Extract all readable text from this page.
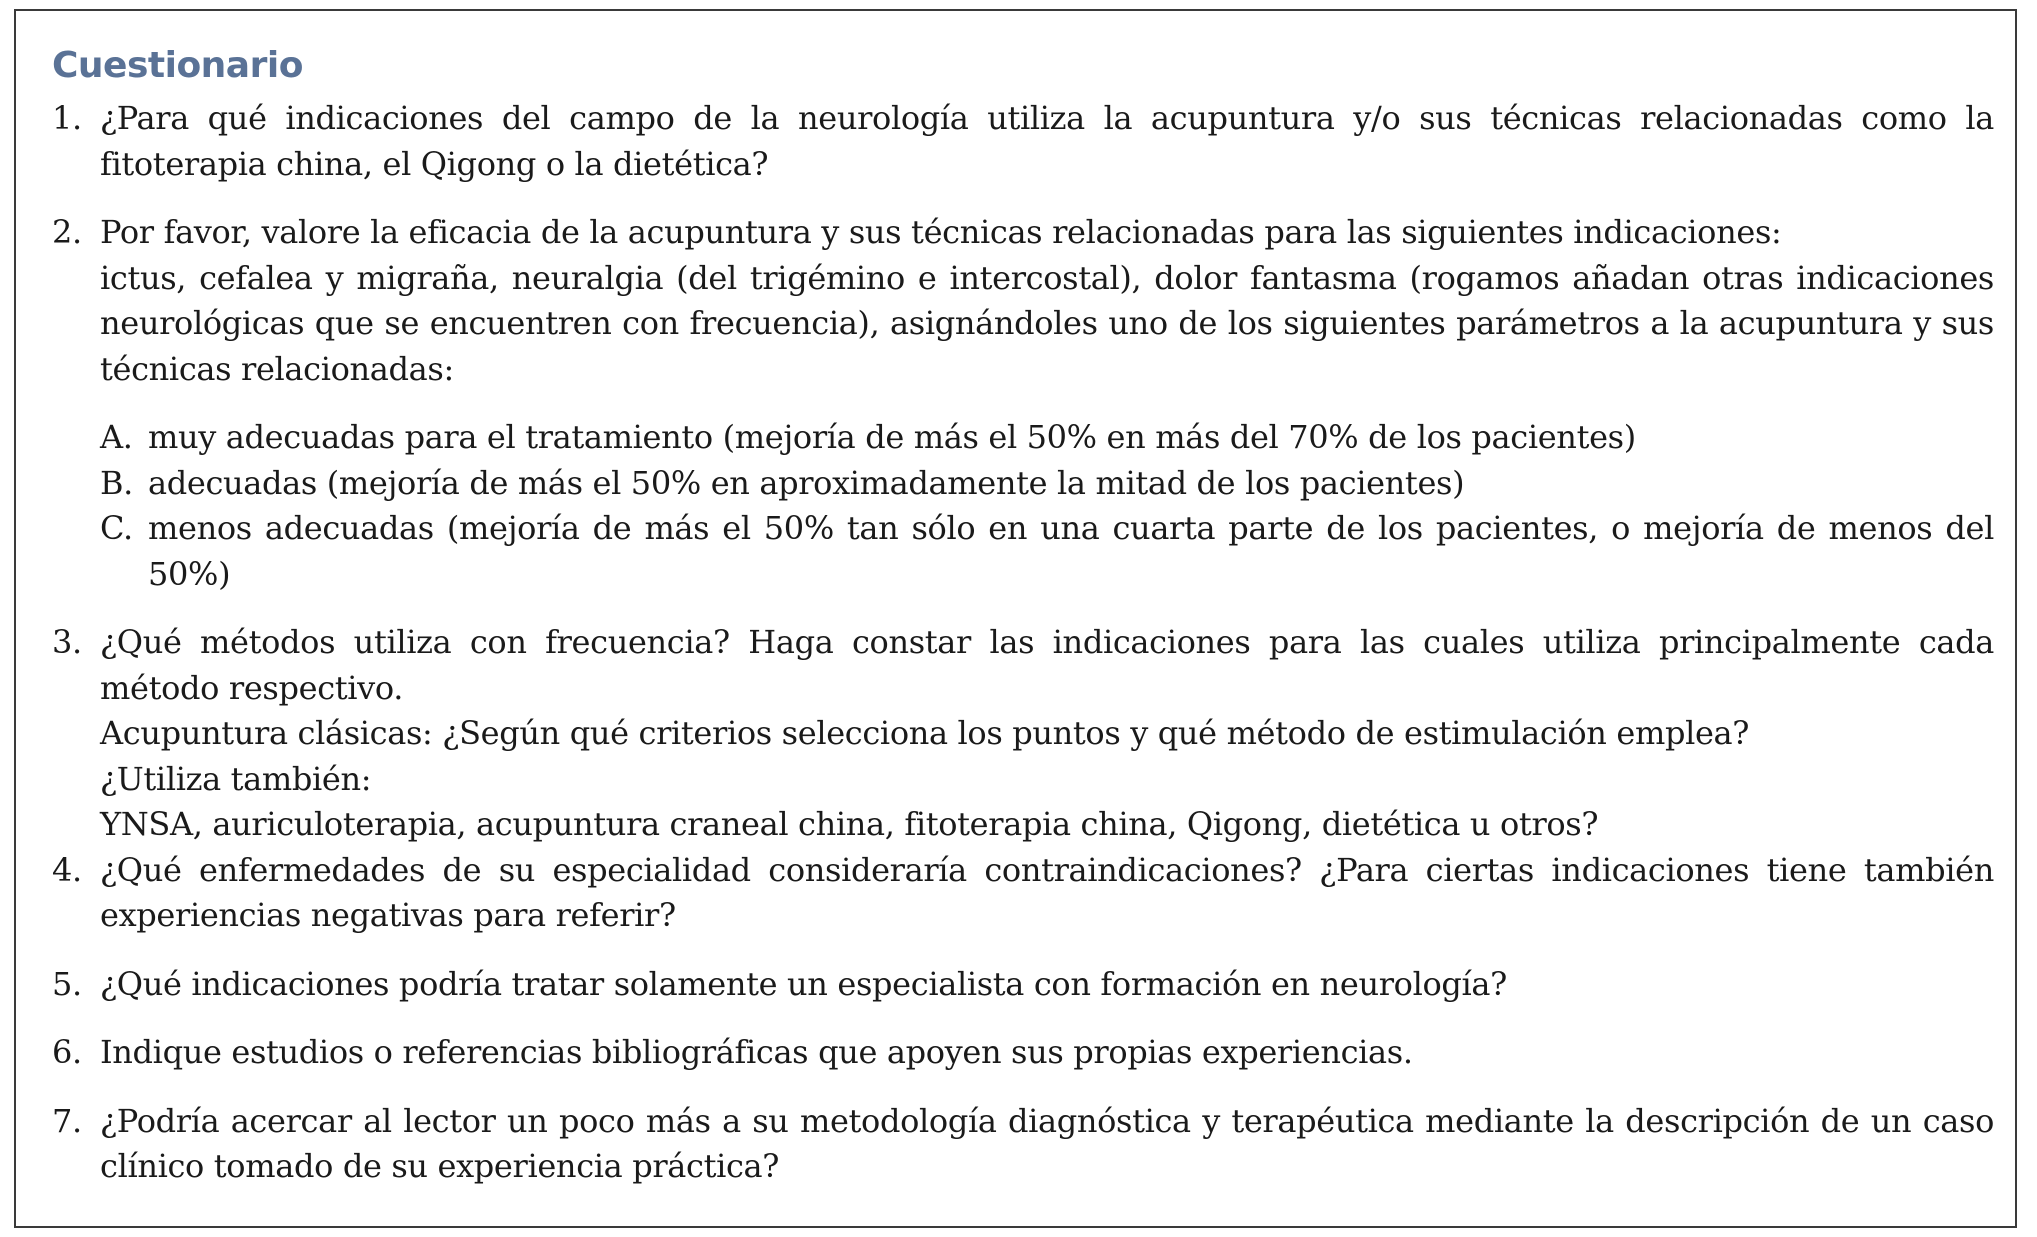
Cuestionario
1. ¿Para qué indicaciones del campo de la neurología utiliza la acupuntura y/o sus técnicas relacionadas como la fitoterapia china, el Qigong o la dietética?
2. Por favor, valore la eficacia de la acupuntura y sus técnicas relacionadas para las siguientes indicaciones:
ictus, cefalea y migraña, neuralgia (del trigémino e intercostal), dolor fantasma (rogamos añadan otras indicaciones neurológicas que se encuentren con frecuencia), asignándoles uno de los siguientes parámetros a la acupuntura y sus técnicas relacionadas:
A. muy adecuadas para el tratamiento (mejoría de más el 50% en más del 70% de los pacientes)
B. adecuadas (mejoría de más el 50% en aproximadamente la mitad de los pacientes)
C. menos adecuadas (mejoría de más el 50% tan sólo en una cuarta parte de los pacientes, o mejoría de menos del 50%)
3. ¿Qué métodos utiliza con frecuencia? Haga constar las indicaciones para las cuales utiliza principalmente cada método respectivo.
Acupuntura clásicas: ¿Según qué criterios selecciona los puntos y qué método de estimulación emplea?
¿Utiliza también:
YNSA, auriculoterapia, acupuntura craneal china, fitoterapia china, Qigong, dietética u otros?
4. ¿Qué enfermedades de su especialidad consideraría contraindicaciones? ¿Para ciertas indicaciones tiene también experiencias negativas para referir?
5. ¿Qué indicaciones podría tratar solamente un especialista con formación en neurología?
6. Indique estudios o referencias bibliográficas que apoyen sus propias experiencias.
7. ¿Podría acercar al lector un poco más a su metodología diagnóstica y terapéutica mediante la descripción de un caso clínico tomado de su experiencia práctica?
